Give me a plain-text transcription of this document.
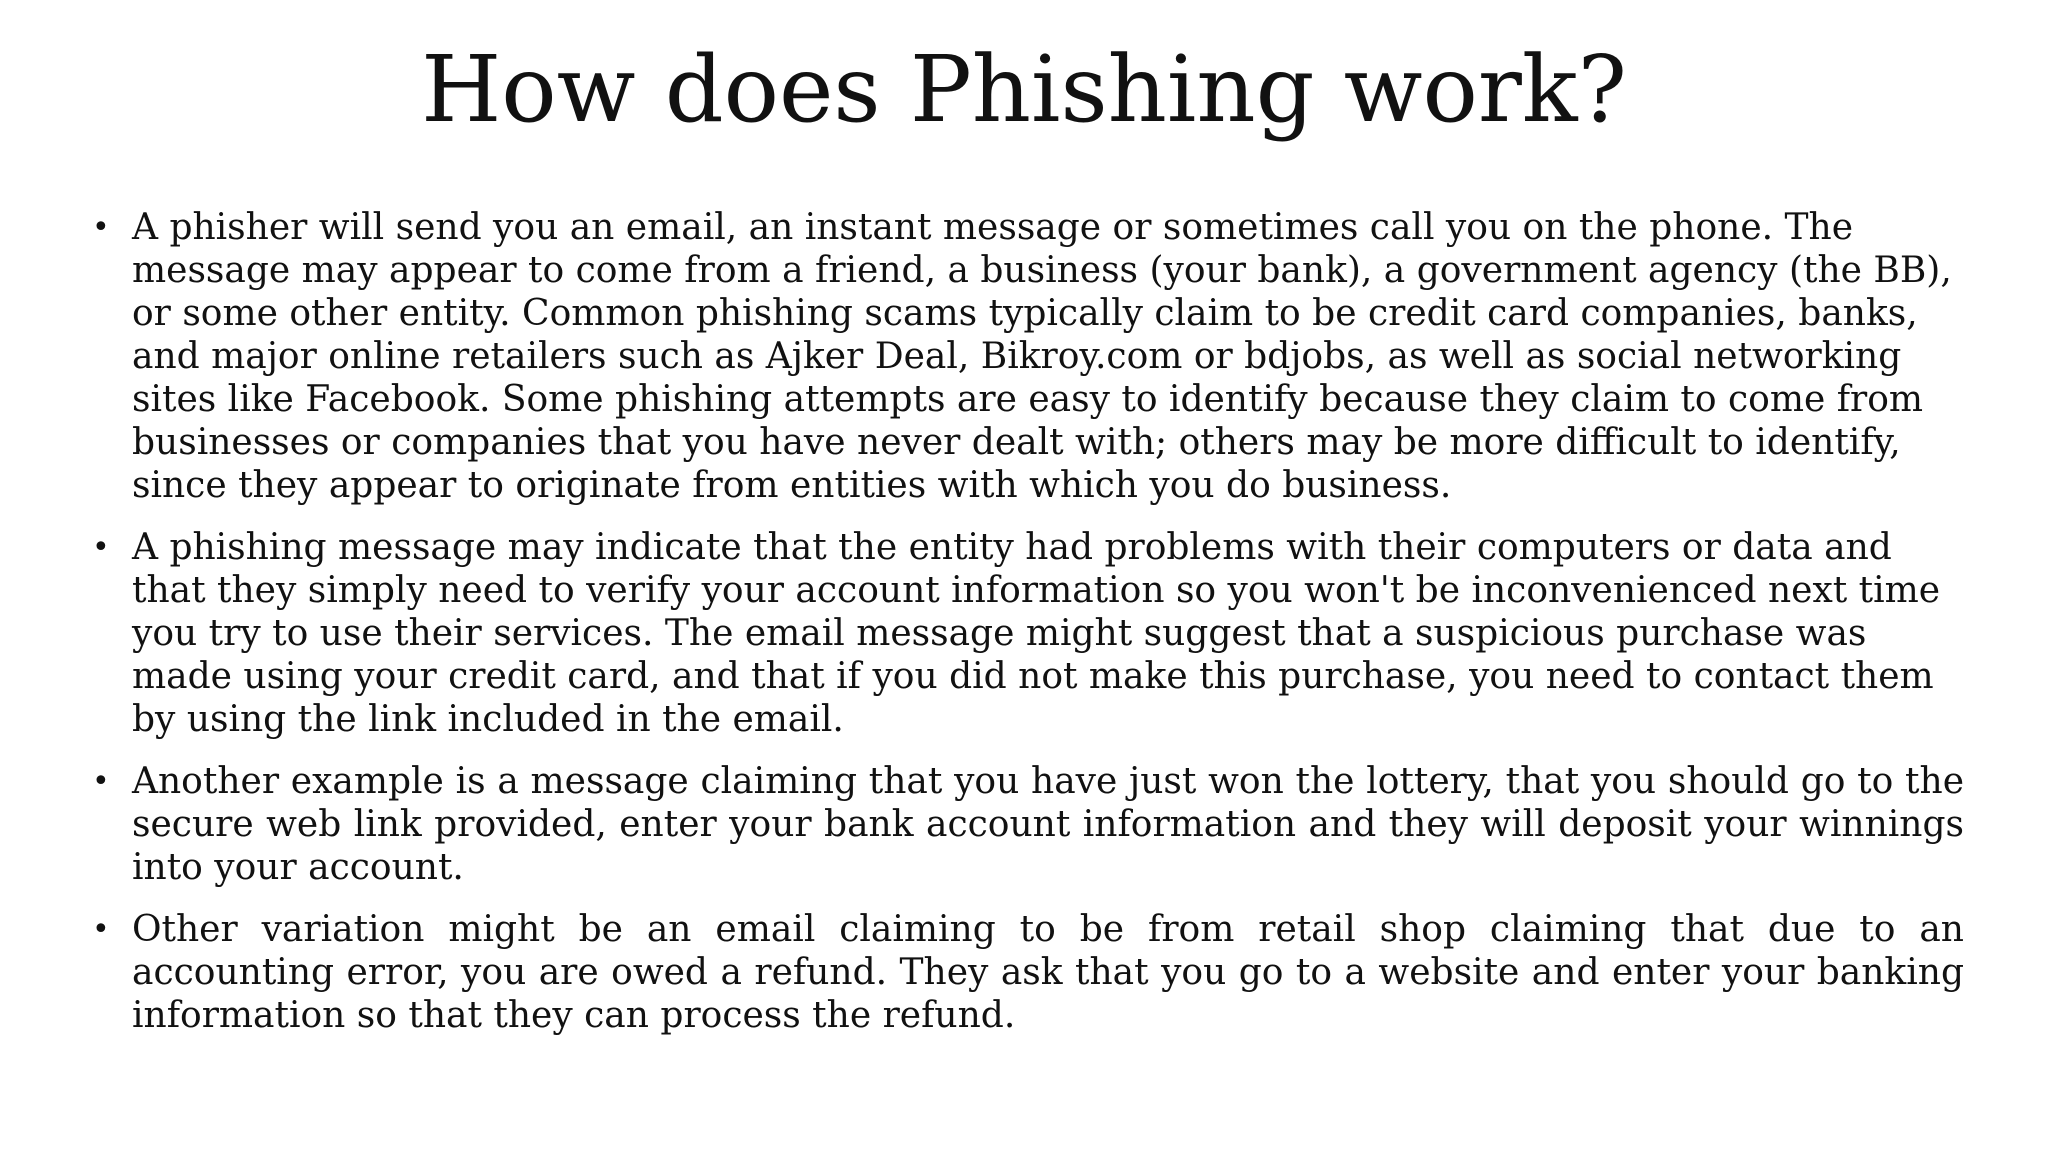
How does Phishing work?
• A phisher will send you an email, an instant message or sometimes call you on the phone. The message may appear to come from a friend, a business (your bank), a government agency (the BB), or some other entity. Common phishing scams typically claim to be credit card companies, banks, and major online retailers such as Ajker Deal, Bikroy.com or bdjobs, as well as social networking sites like Facebook. Some phishing attempts are easy to identify because they claim to come from businesses or companies that you have never dealt with; others may be more difficult to identify, since they appear to originate from entities with which you do business.
• A phishing message may indicate that the entity had problems with their computers or data and that they simply need to verify your account information so you won't be inconvenienced next time you try to use their services. The email message might suggest that a suspicious purchase was made using your credit card, and that if you did not make this purchase, you need to contact them by using the link included in the email.
• Another example is a message claiming that you have just won the lottery, that you should go to the secure web link provided, enter your bank account information and they will deposit your winnings into your account.
• Other variation might be an email claiming to be from retail shop claiming that due to an accounting error, you are owed a refund. They ask that you go to a website and enter your banking information so that they can process the refund.
